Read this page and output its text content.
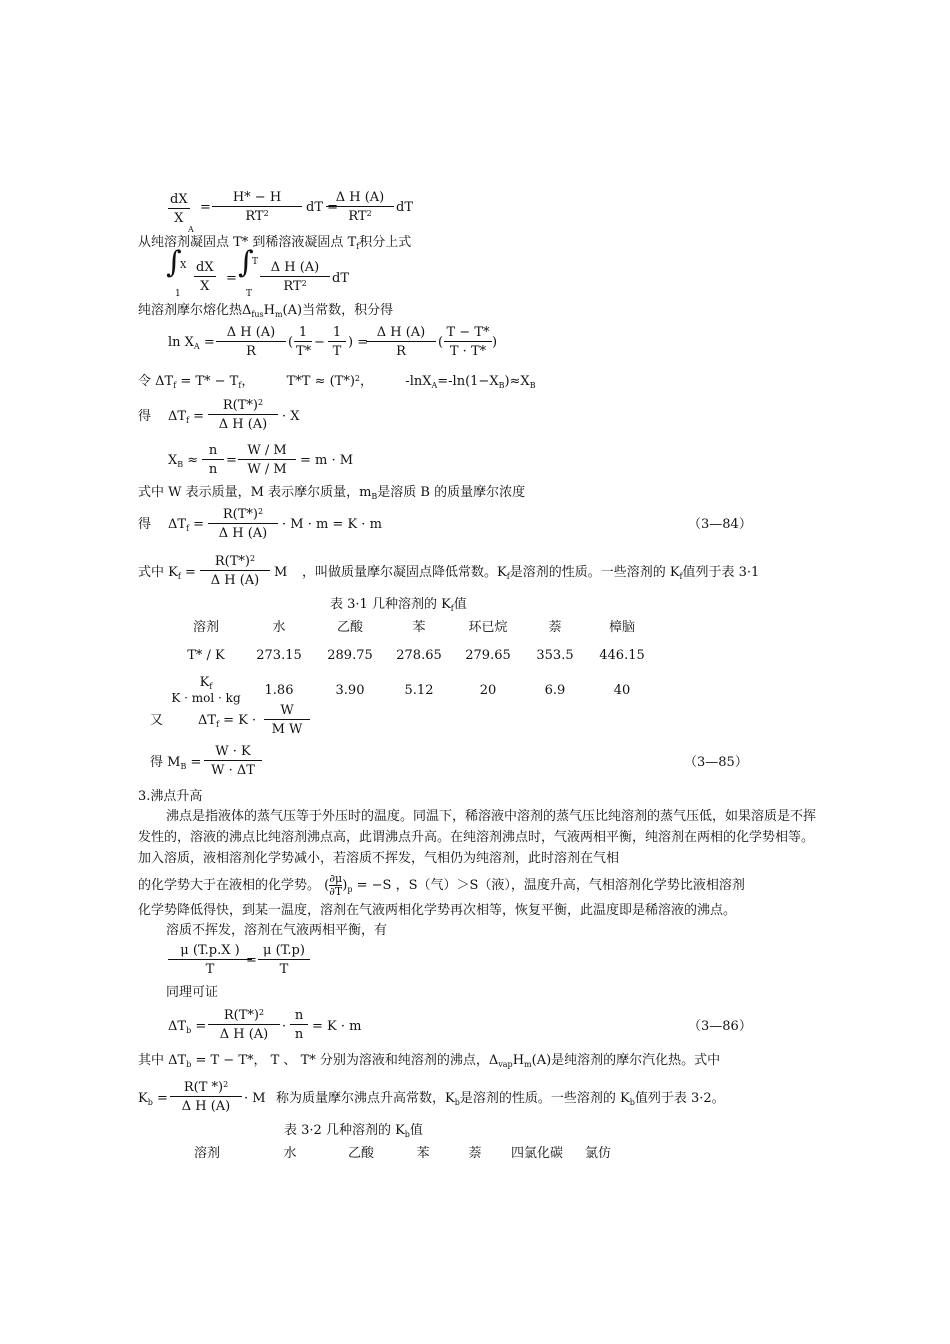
$\frac{dX}{X} = \frac{H* - H}{RT^2}$ dT =
$\frac{\text{Δ H (A)}}{RT^2}$ dT
A
从纯溶剂凝固点 T* 到稀溶液凝固点 $T_f$积分上式
∫
X
$1 \frac{dX}{X}$ = ∫
T
T $\frac{\text{Δ H (A)}}{RT^2}$ dT
纯溶剂摩尔熔化热$\Delta_{fus}H_m(A)$当常数，积分得
$\ln X_A = \frac{\text{Δ H (A)}}{R}$ (
1
T*
−
1
T
) =
$\frac{\text{Δ H (A)}}{R}$ ( $\frac{T - T*}{T \cdot T*}$ )
令 $\Delta T_f = T* - T_f$，  $T*T \approx (T*)^2$，  $-\ln X_A=-\ln(1-X_B)\approx X_B$
得 $\Delta T_f = \frac{R(T*)^2}{\text{Δ H (A)}} \cdot X$
$X_B \approx \frac{n}{n} = \frac{W / M}{W / M} = m \cdot M$
式中 W 表示质量，M 表示摩尔质量，$m_B$是溶质 B 的质量摩尔浓度
得 $\Delta T_f = \frac{R(T*)^2}{\text{Δ H (A)}} \cdot M \cdot m = K \cdot m$	（3—84）
式中 $K_f = \frac{R(T*)^2}{\text{Δ H (A)}}$ M ，叫做质量摩尔凝固点降低常数。$K_f$是溶剂的性质。一些溶剂的 $K_f$值列于表 3·1
表 3·1 几种溶剂的 $K_f$值
溶剂	水	乙酸	苯	环已烷	萘	樟脑
T* / K	273.15	289.75	278.65	279.65	353.5	446.15

$K_f$
K · mol · kg	1.86	3.90	5.12	20	6.9	40
又	$\Delta T_f = K \cdot \frac{W}{\text{M W}}$
得 $M_B = \frac{W \cdot K}{W \cdot \Delta T}$	（3—85）
3.沸点升高
沸点是指液体的蒸气压等于外压时的温度。同温下，稀溶液中溶剂的蒸气压比纯溶剂的蒸气压低，如果溶质是不挥发性的，溶液的沸点比纯溶剂沸点高，此谓沸点升高。在纯溶剂沸点时，气液两相平衡，纯溶剂在两相的化学势相等。加入溶质，液相溶剂化学势减小，若溶质不挥发，气相仍为纯溶剂，此时溶剂在气相
的化学势大于在液相的化学势。 ( $\frac{\partial\mu}{\partial T} )_p = -S$ ，S（气）＞S（液），温度升高，气相溶剂化学势比液相溶剂
化学势降低得快，到某一温度，溶剂在气液两相化学势再次相等，恢复平衡，此温度即是稀溶液的沸点。
溶质不挥发，溶剂在气液两相平衡，有
μ (T.p.X )
T
=
μ (T.p)
T
同理可证
$\Delta T_b = \frac{R(T*)^2}{\text{Δ H (A)}} \cdot \frac{n}{n} = K \cdot m$	（3—86）
其中 $\Delta T_b = T - T*$， T 、 T* 分别为溶液和纯溶剂的沸点，$\Delta_{vap}H_m(A)$是纯溶剂的摩尔汽化热。式中
$K_b = \frac{R(T *)^2}{\text{Δ H (A)}} \cdot M$ 称为质量摩尔沸点升高常数，$K_b$是溶剂的性质。一些溶剂的 $K_b$值列于表 3·2。
表 3·2 几种溶剂的 $K_b$值
溶剂	水	乙酸	苯	萘	四氯化碳	氯仿
